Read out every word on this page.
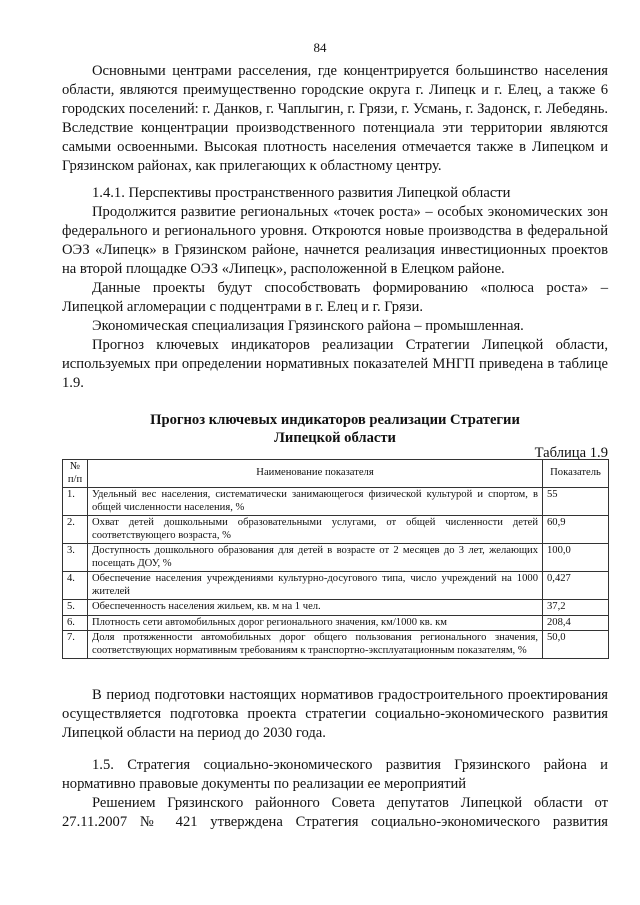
84

Основными центрами расселения, где концентрируется большинство населения области, являются преимущественно городские округа г. Липецк и г. Елец, а также 6 городских поселений: г. Данков, г. Чаплыгин, г. Грязи, г. Усмань, г. Задонск, г. Лебедянь. Вследствие концентрации производственного потенциала эти территории являются самыми освоенными. Высокая плотность населения отмечается также в Липецком и Грязинском районах, как прилегающих к областному центру.

1.4.1. Перспективы пространственного развития Липецкой области

Продолжится развитие региональных «точек роста» – особых экономических зон федерального и регионального уровня. Откроются новые производства в федеральной ОЭЗ «Липецк» в Грязинском районе, начнется реализация инвестиционных проектов на второй площадке ОЭЗ «Липецк», расположенной в Елецком районе.

Данные проекты будут способствовать формированию «полюса роста» – Липецкой агломерации с подцентрами в г. Елец и г. Грязи.

Экономическая специализация Грязинского района – промышленная.

Прогноз ключевых индикаторов реализации Стратегии Липецкой области, используемых при определении нормативных показателей МНГП приведена в таблице 1.9.

Прогноз ключевых индикаторов реализации Стратегии
Липецкой области
Таблица 1.9
№ п/п	Наименование показателя	Показатель
1.	Удельный вес населения, систематически занимающегося физической культурой и спортом, в общей численности населения, %	55
2.	Охват детей дошкольными образовательными услугами, от общей численности детей соответствующего возраста, %	60,9
3.	Доступность дошкольного образования для детей в возрасте от 2 месяцев до 3 лет, желающих посещать ДОУ, %	100,0
4.	Обеспечение населения учреждениями культурно-досугового типа, число учреждений на 1000 жителей	0,427
5.	Обеспеченность населения жильем, кв. м на 1 чел.	37,2
6.	Плотность сети автомобильных дорог регионального значения, км/1000 кв. км	208,4
7.	Доля протяженности автомобильных дорог общего пользования регионального значения, соответствующих нормативным требованиям к транспортно-эксплуатационным показателям, %	50,0

В период подготовки настоящих нормативов градостроительного проектирования осуществляется подготовка проекта стратегии социально-экономического развития Липецкой области на период до 2030 года.

1.5. Стратегия социально-экономического развития Грязинского района и нормативно правовые документы по реализации ее мероприятий

Решением Грязинского районного Совета депутатов Липецкой области от 27.11.2007 № 421 утверждена Стратегия социально-экономического развития
